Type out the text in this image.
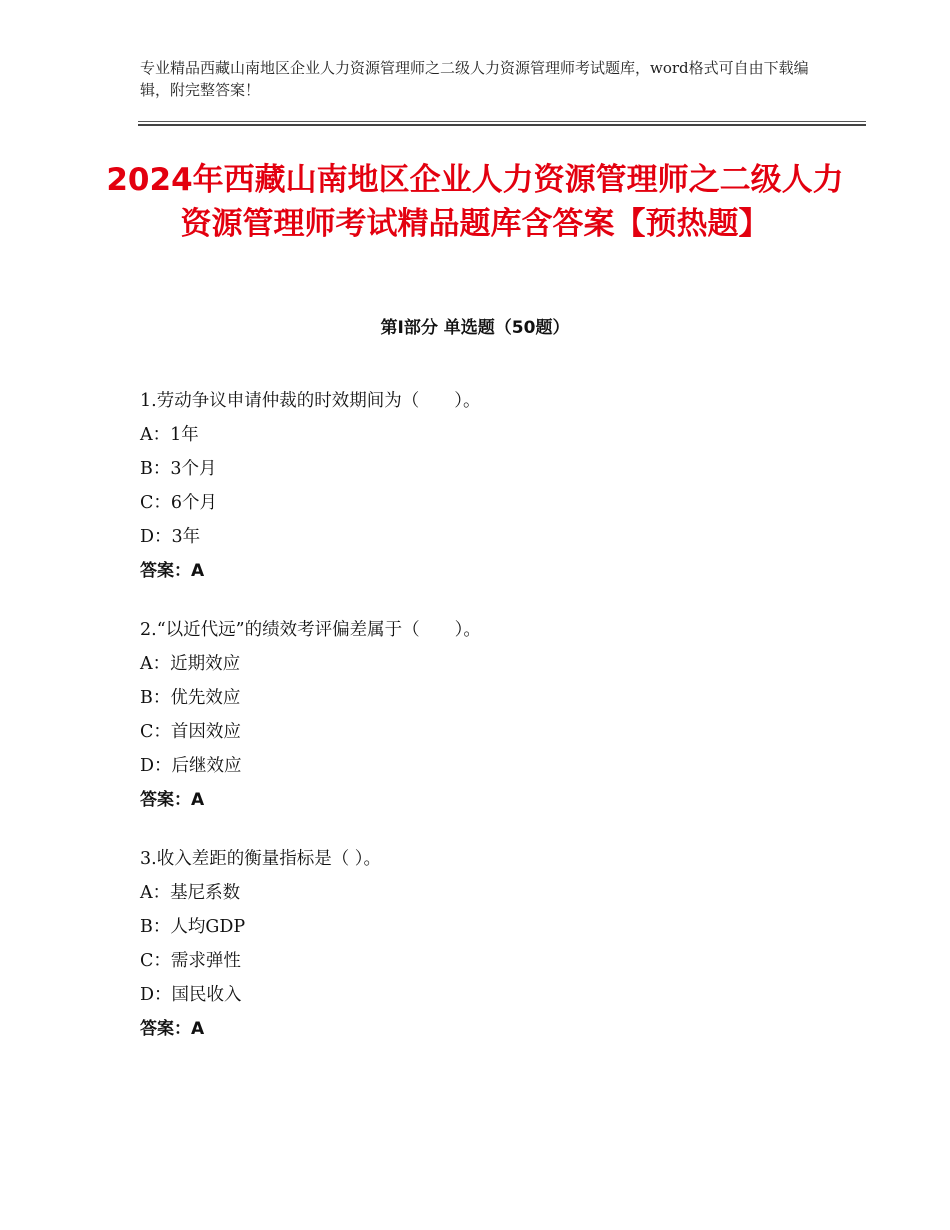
专业精品西藏山南地区企业人力资源管理师之二级人力资源管理师考试题库，word格式可自由下载编辑，附完整答案！
2024年西藏山南地区企业人力资源管理师之二级人力资源管理师考试精品题库含答案【预热题】
第Ⅰ部分 单选题（50题）
1.劳动争议申请仲裁的时效期间为（　　）。
A：1年
B：3个月
C：6个月
D：3年
答案：A
2.“以近代远”的绩效考评偏差属于（　　）。
A：近期效应
B：优先效应
C：首因效应
D：后继效应
答案：A
3.收入差距的衡量指标是（ ）。
A：基尼系数
B：人均GDP
C：需求弹性
D：国民收入
答案：A
